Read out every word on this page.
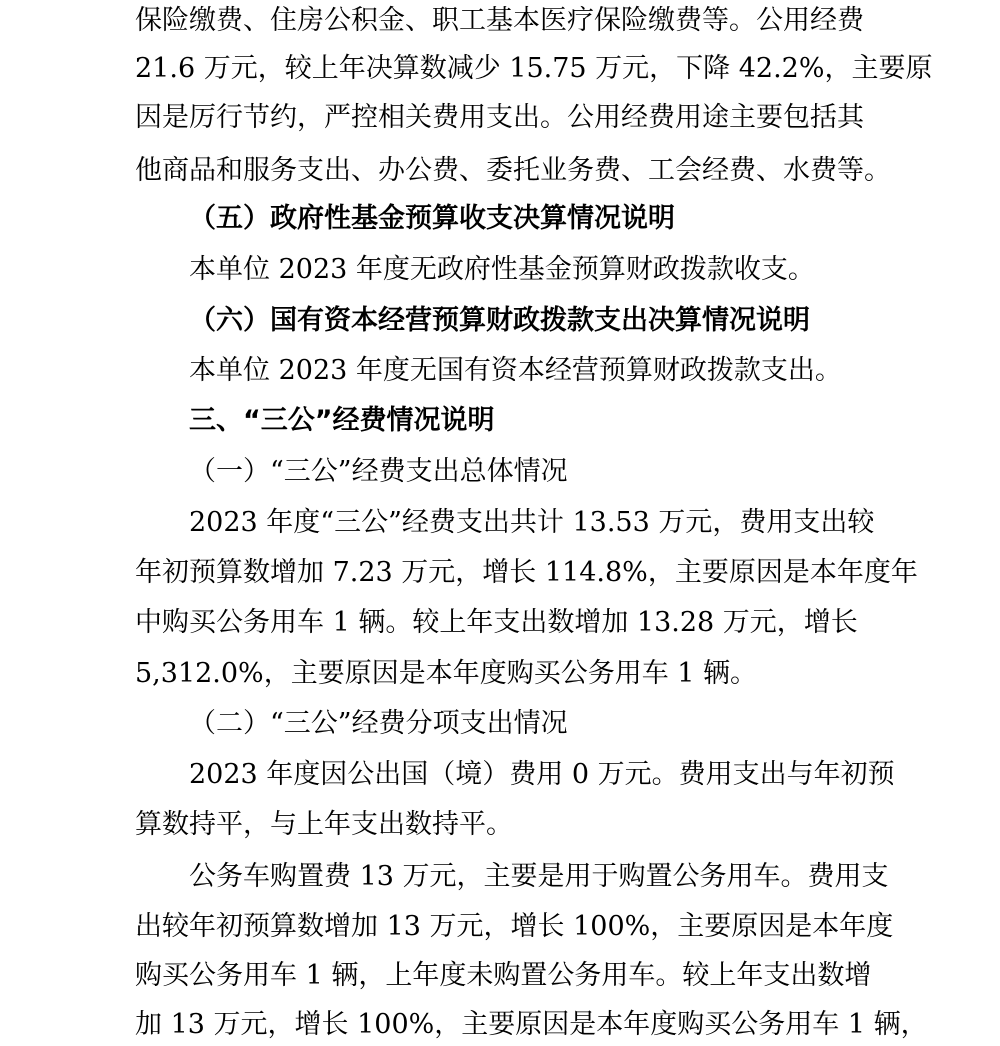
保险缴费、住房公积金、职工基本医疗保险缴费等。公用经费

21.6 万元，较上年决算数减少 15.75 万元，下降 42.2%，主要原

因是厉行节约，严控相关费用支出。公用经费用途主要包括其

他商品和服务支出、办公费、委托业务费、工会经费、水费等。

（五）政府性基金预算收支决算情况说明

本单位 2023 年度无政府性基金预算财政拨款收支。

（六）国有资本经营预算财政拨款支出决算情况说明

本单位 2023 年度无国有资本经营预算财政拨款支出。

三、“三公”经费情况说明

（一）“三公”经费支出总体情况

2023 年度“三公”经费支出共计 13.53 万元，费用支出较

年初预算数增加 7.23 万元，增长 114.8%，主要原因是本年度年

中购买公务用车 1 辆。较上年支出数增加 13.28 万元，增长

5,312.0%，主要原因是本年度购买公务用车 1 辆。

（二）“三公”经费分项支出情况

2023 年度因公出国（境）费用 0 万元。费用支出与年初预

算数持平，与上年支出数持平。

公务车购置费 13 万元，主要是用于购置公务用车。费用支

出较年初预算数增加 13 万元，增长 100%，主要原因是本年度

购买公务用车 1 辆，上年度未购置公务用车。较上年支出数增

加 13 万元，增长 100%，主要原因是本年度购买公务用车 1 辆，
